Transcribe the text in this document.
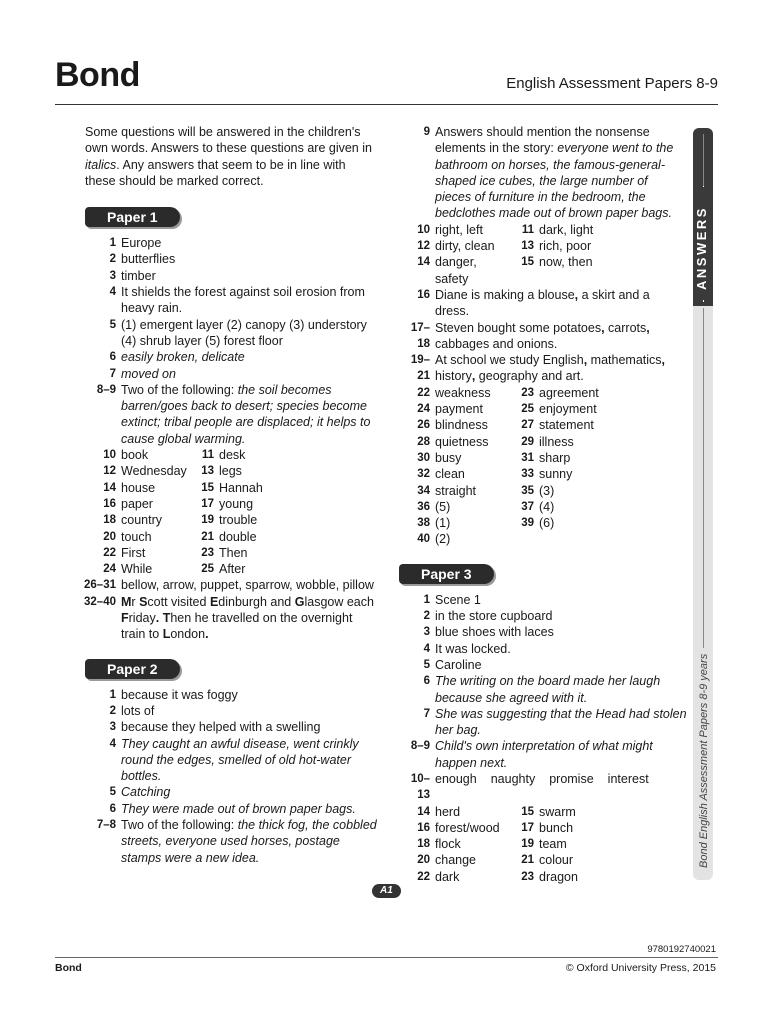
Bond	English Assessment Papers 8-9

Some questions will be answered in the children's own words. Answers to these questions are given in italics. Any answers that seem to be in line with these should be marked correct.

Paper 1
1 Europe
2 butterflies
3 timber
4 It shields the forest against soil erosion from heavy rain.
5 (1) emergent layer (2) canopy (3) understory (4) shrub layer (5) forest floor
6 easily broken, delicate
7 moved on
8–9 Two of the following: the soil becomes barren/goes back to desert; species become extinct; tribal people are displaced; it helps to cause global warming.
10 book	11 desk
12 Wednesday	13 legs
14 house	15 Hannah
16 paper	17 young
18 country	19 trouble
20 touch	21 double
22 First	23 Then
24 While	25 After
26–31 bellow, arrow, puppet, sparrow, wobble, pillow
32–40 Mr Scott visited Edinburgh and Glasgow each Friday. Then he travelled on the overnight train to London.
Paper 2
1 because it was foggy
2 lots of
3 because they helped with a swelling
4 They caught an awful disease, went crinkly round the edges, smelled of old hot-water bottles.
5 Catching
6 They were made out of brown paper bags.
7–8 Two of the following: the thick fog, the cobbled streets, everyone used horses, postage stamps were a new idea.
9 Answers should mention the nonsense elements in the story: everyone went to the bathroom on horses, the famous-general-shaped ice cubes, the large number of pieces of furniture in the bedroom, the bedclothes made out of brown paper bags.
10 right, left	11 dark, light
12 dirty, clean	13 rich, poor
14 danger, safety
15 now, then
16 Diane is making a blouse, a skirt and a dress.
17–18
Steven bought some potatoes, carrots, cabbages and onions.
19–21
At school we study English, mathematics, history, geography and art.
22 weakness	23 agreement
24 payment	25 enjoyment
26 blindness	27 statement
28 quietness	29 illness
30 busy	31 sharp
32 clean	33 sunny
34 straight	35 (3)
36 (5)	37 (4)
38 (1)	39 (6)
40 (2)
Paper 3
1 Scene 1
2 in the store cupboard
3 blue shoes with laces
4 It was locked.
5 Caroline
6 The writing on the board made her laugh because she agreed with it.
7 She was suggesting that the Head had stolen her bag.
8–9 Child's own interpretation of what might happen next.
10–13
enough naughty promise interest
14 herd	15 swarm
16 forest/wood	17 bunch
18 flock	19 team
20 change	21 colour
22 dark	23 dragon
ANSWERS
Bond English Assessment Papers 8-9 years
A1
9780192740021
Bond	© Oxford University Press, 2015
